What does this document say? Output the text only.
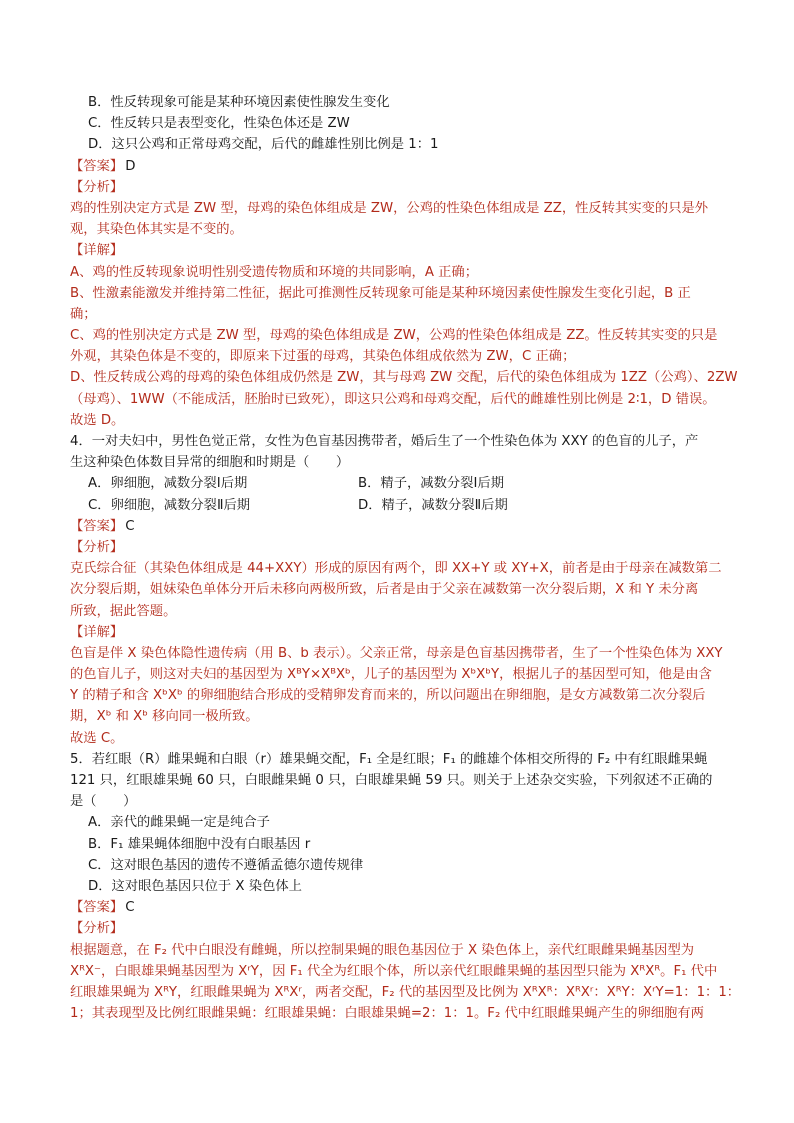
B．性反转现象可能是某种环境因素使性腺发生变化
C．性反转只是表型变化，性染色体还是 ZW
D．这只公鸡和正常母鸡交配，后代的雌雄性别比例是 1：1
【答案】 D
【分析】
鸡的性别决定方式是 ZW 型，母鸡的染色体组成是 ZW，公鸡的性染色体组成是 ZZ，性反转其实变的只是外
观，其染色体其实是不变的。
【详解】
A、鸡的性反转现象说明性别受遗传物质和环境的共同影响，A 正确；
B、性激素能激发并维持第二性征，据此可推测性反转现象可能是某种环境因素使性腺发生变化引起，B 正
确；
C、鸡的性别决定方式是 ZW 型，母鸡的染色体组成是 ZW，公鸡的性染色体组成是 ZZ。性反转其实变的只是
外观，其染色体是不变的，即原来下过蛋的母鸡，其染色体组成依然为 ZW，C 正确；
D、性反转成公鸡的母鸡的染色体组成仍然是 ZW，其与母鸡 ZW 交配，后代的染色体组成为 1ZZ（公鸡）、2ZW
（母鸡）、1WW（不能成活，胚胎时已致死），即这只公鸡和母鸡交配，后代的雌雄性别比例是 2∶1，D 错误。
故选 D。
4．一对夫妇中，男性色觉正常，女性为色盲基因携带者，婚后生了一个性染色体为 XXY 的色盲的儿子，产
生这种染色体数目异常的细胞和时期是（　　）
A．卵细胞，减数分裂Ⅰ后期	B．精子，减数分裂Ⅰ后期
C．卵细胞，减数分裂Ⅱ后期	D．精子，减数分裂Ⅱ后期
【答案】 C
【分析】
克氏综合征（其染色体组成是 44+XXY）形成的原因有两个，即 XX+Y 或 XY+X，前者是由于母亲在减数第二
次分裂后期，姐妹染色单体分开后未移向两极所致，后者是由于父亲在减数第一次分裂后期，X 和 Y 未分离
所致，据此答题。
【详解】
色盲是伴 X 染色体隐性遗传病（用 B、b 表示）。父亲正常，母亲是色盲基因携带者，生了一个性染色体为 XXY
的色盲儿子，则这对夫妇的基因型为 XᴮY×XᴮXᵇ，儿子的基因型为 XᵇXᵇY，根据儿子的基因型可知，他是由含
Y 的精子和含 XᵇXᵇ 的卵细胞结合形成的受精卵发育而来的，所以问题出在卵细胞，是女方减数第二次分裂后
期，Xᵇ 和 Xᵇ 移向同一极所致。
故选 C。
5．若红眼（R）雌果蝇和白眼（r）雄果蝇交配，F₁ 全是红眼；F₁ 的雌雄个体相交所得的 F₂ 中有红眼雌果蝇
121 只，红眼雄果蝇 60 只，白眼雌果蝇 0 只，白眼雄果蝇 59 只。则关于上述杂交实验，下列叙述不正确的
是（　　）
A．亲代的雌果蝇一定是纯合子
B．F₁ 雄果蝇体细胞中没有白眼基因 r
C．这对眼色基因的遗传不遵循孟德尔遗传规律
D．这对眼色基因只位于 X 染色体上
【答案】 C
【分析】
根据题意，在 F₂ 代中白眼没有雌蝇，所以控制果蝇的眼色基因位于 X 染色体上，亲代红眼雌果蝇基因型为
XᴿX⁻，白眼雄果蝇基因型为 XʳY，因 F₁ 代全为红眼个体，所以亲代红眼雌果蝇的基因型只能为 XᴿXᴿ。F₁ 代中
红眼雄果蝇为 XᴿY，红眼雌果蝇为 XᴿXʳ，两者交配，F₂ 代的基因型及比例为 XᴿXᴿ：XᴿXʳ：XᴿY：XʳY=1：1：1：
1；其表现型及比例红眼雌果蝇：红眼雄果蝇：白眼雄果蝇=2：1：1。F₂ 代中红眼雌果蝇产生的卵细胞有两
